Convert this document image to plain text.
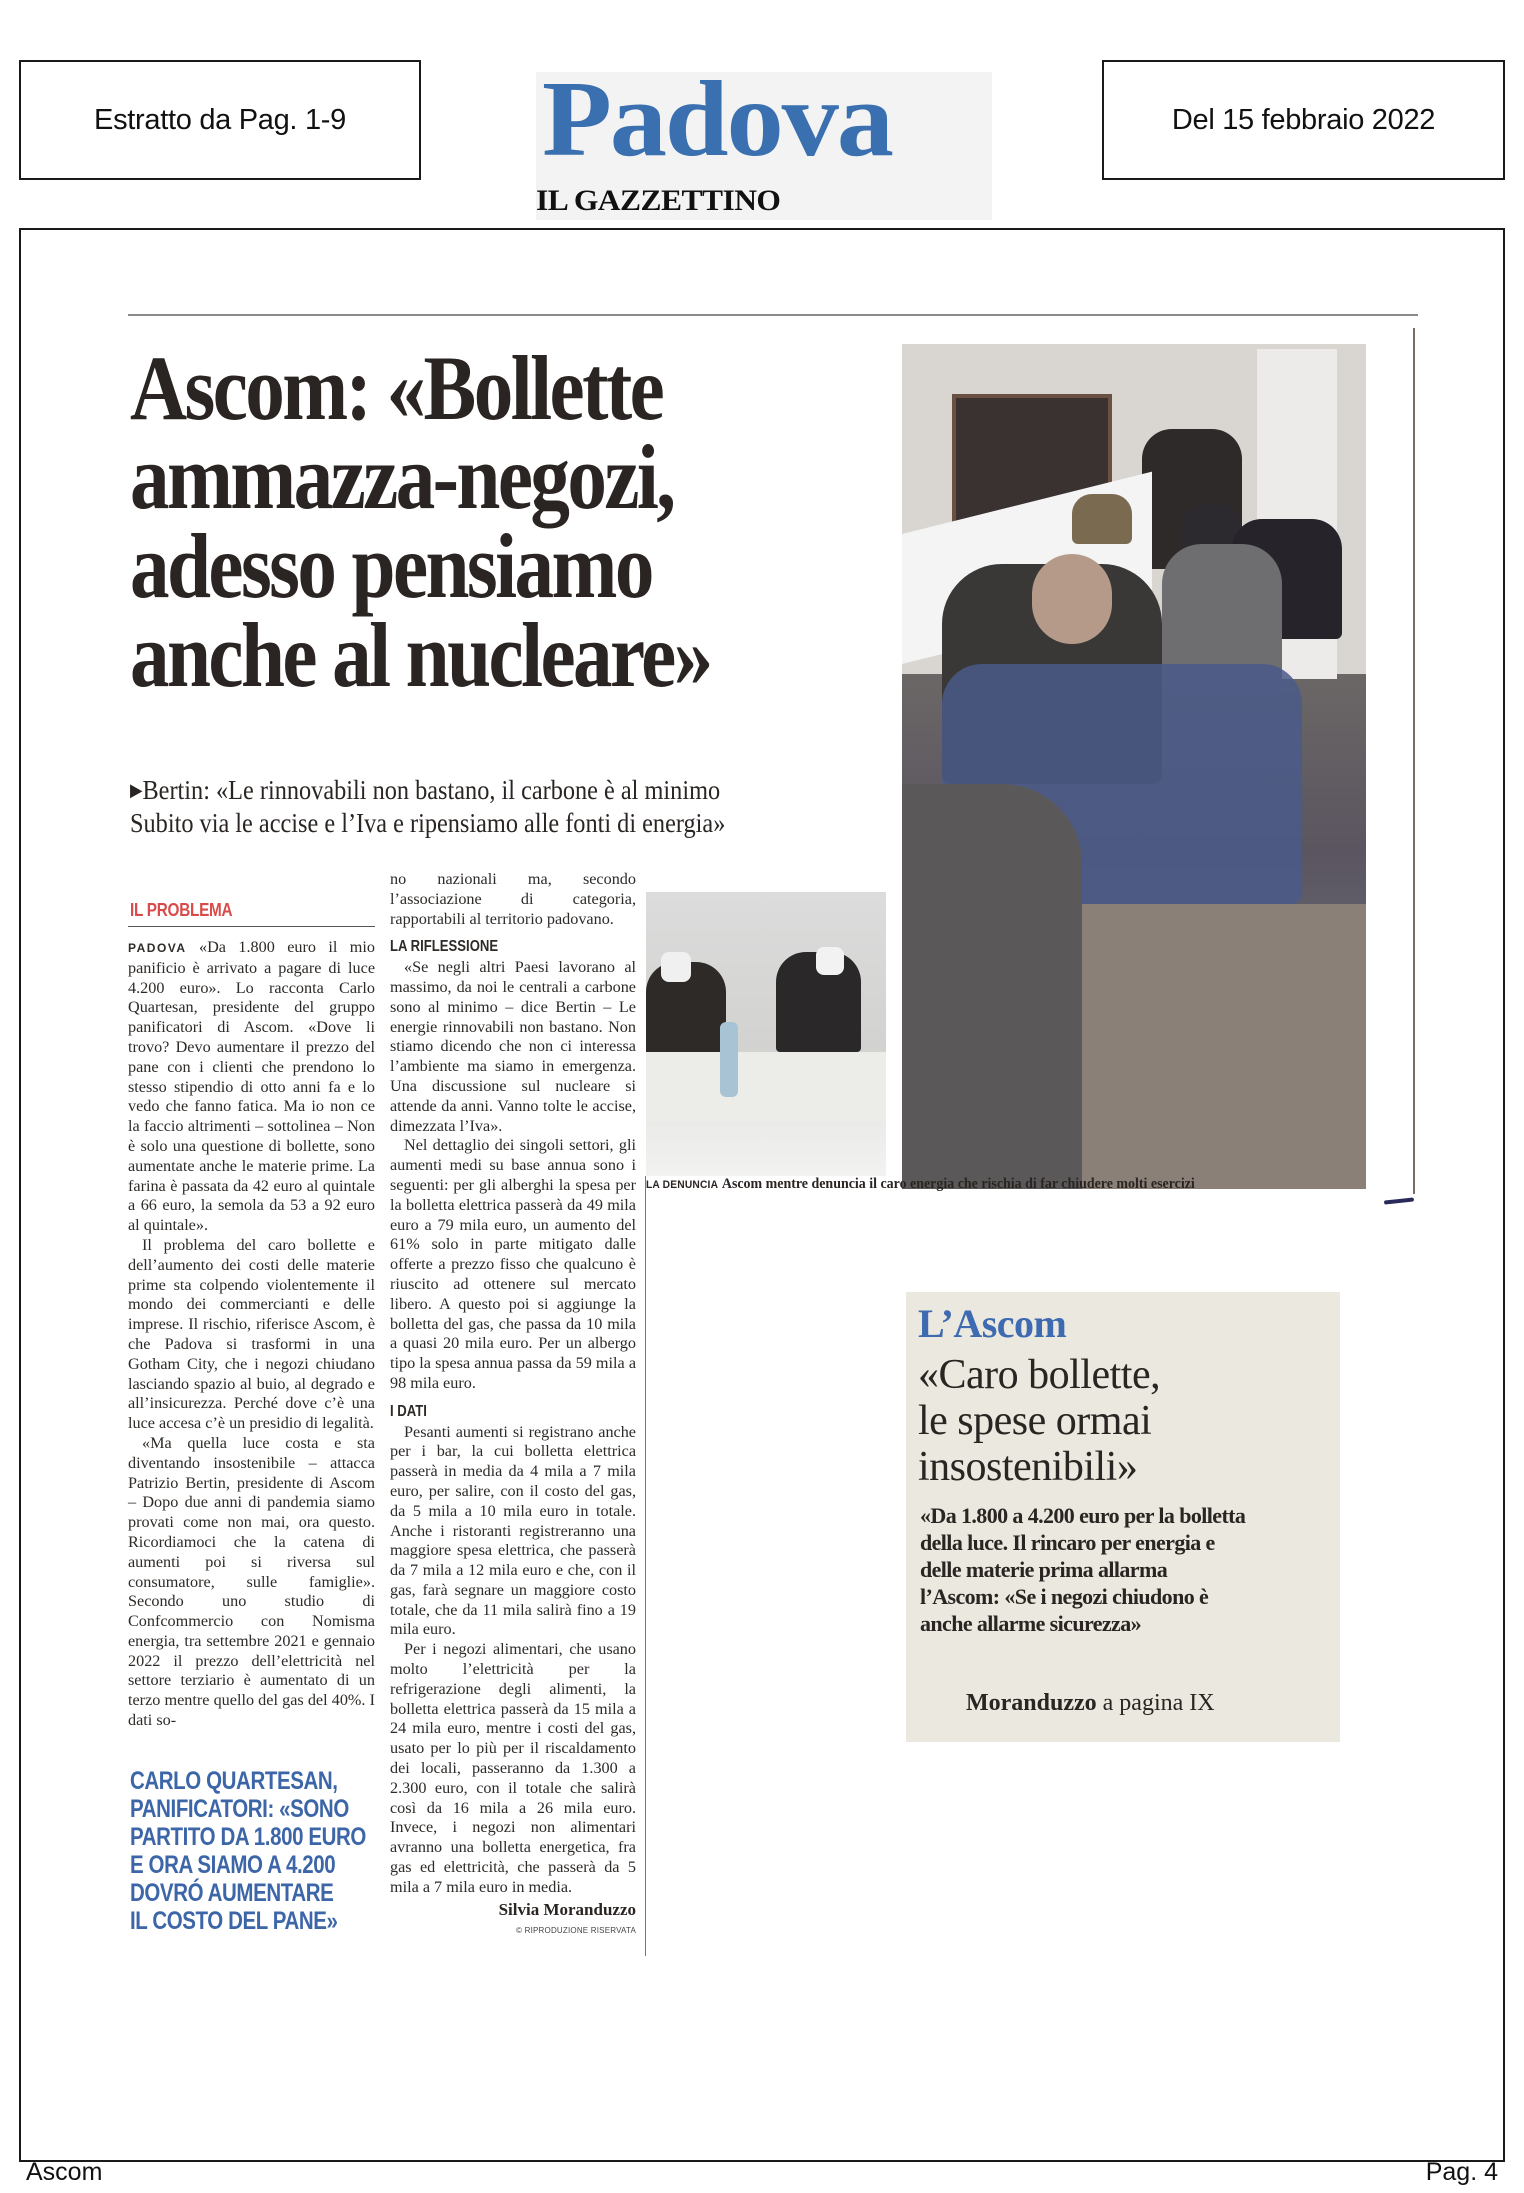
Estratto da Pag. 1-9 Padova
IL GAZZETTINO
Del 15 febbraio 2022
Ascom: «Bollette
ammazza-negozi,
adesso pensiamo
anche al nucleare»
▶Bertin: «Le rinnovabili non bastano, il carbone è al minimo
Subito via le accise e l’Iva e ripensiamo alle fonti di energia»
IL PROBLEMA

PADOVA «Da 1.800 euro il mio panificio è arrivato a pagare di luce 4.200 euro». Lo racconta Carlo Quartesan, presidente del gruppo panificatori di Ascom. «Dove li trovo? Devo aumentare il prezzo del pane con i clienti che prendono lo stesso stipendio di otto anni fa e lo vedo che fanno fatica. Ma io non ce la faccio altrimenti – sottolinea – Non è solo una questione di bollette, sono aumentate anche le materie prime. La farina è passata da 42 euro al quintale a 66 euro, la semola da 53 a 92 euro al quintale».

Il problema del caro bollette e dell’aumento dei costi delle materie prime sta colpendo violentemente il mondo dei commercianti e delle imprese. Il rischio, riferisce Ascom, è che Padova si trasformi in una Gotham City, che i negozi chiudano lasciando spazio al buio, al degrado e all’insicurezza. Perché dove c’è una luce accesa c’è un presidio di legalità.

«Ma quella luce costa e sta diventando insostenibile – attacca Patrizio Bertin, presidente di Ascom – Dopo due anni di pandemia siamo provati come non mai, ora questo. Ricordiamoci che la catena di aumenti poi si riversa sul consumatore, sulle famiglie». Secondo uno studio di Confcommercio con Nomisma energia, tra settembre 2021 e gennaio 2022 il prezzo dell’elettricità nel settore terziario è aumentato di un terzo mentre quello del gas del 40%. I dati so-

CARLO QUARTESAN,
PANIFICATORI: «SONO
PARTITO DA 1.800 EURO
E ORA SIAMO A 4.200
DOVRÓ AUMENTARE
IL COSTO DEL PANE»

no nazionali ma, secondo l’associazione di categoria, rapportabili al territorio padovano.

LA RIFLESSIONE

«Se negli altri Paesi lavorano al massimo, da noi le centrali a carbone sono al minimo – dice Bertin – Le energie rinnovabili non bastano. Non stiamo dicendo che non ci interessa l’ambiente ma siamo in emergenza. Una discussione sul nucleare si attende da anni. Vanno tolte le accise, dimezzata l’Iva».

Nel dettaglio dei singoli settori, gli aumenti medi su base annua sono i seguenti: per gli alberghi la spesa per la bolletta elettrica passerà da 49 mila euro a 79 mila euro, un aumento del 61% solo in parte mitigato dalle offerte a prezzo fisso che qualcuno è riuscito ad ottenere sul mercato libero. A questo poi si aggiunge la bolletta del gas, che passa da 10 mila a quasi 20 mila euro. Per un albergo tipo la spesa annua passa da 59 mila a 98 mila euro.

I DATI

Pesanti aumenti si registrano anche per i bar, la cui bolletta elettrica passerà in media da 4 mila a 7 mila euro, per salire, con il costo del gas, da 5 mila a 10 mila euro in totale. Anche i ristoranti registreranno una maggiore spesa elettrica, che passerà da 7 mila a 12 mila euro e che, con il gas, farà segnare un maggiore costo totale, che da 11 mila salirà fino a 19 mila euro.

Per i negozi alimentari, che usano molto l’elettricità per la refrigerazione degli alimenti, la bolletta elettrica passerà da 15 mila a 24 mila euro, mentre i costi del gas, usato per lo più per il riscaldamento dei locali, passeranno da 1.300 a 2.300 euro, con il totale che salirà così da 16 mila a 26 mila euro. Invece, i negozi non alimentari avranno una bolletta energetica, fra gas ed elettricità, che passerà da 5 mila a 7 mila euro in media.

Silvia Moranduzzo
© RIPRODUZIONE RISERVATA
LA DENUNCIA Ascom mentre denuncia il caro energia che rischia di far chiudere molti esercizi
L’Ascom
«Caro bollette,
le spese ormai
insostenibili»
«Da 1.800 a 4.200 euro per la bolletta della luce. Il rincaro per energia e delle materie prima allarma l’Ascom: «Se i negozi chiudono è anche allarme sicurezza»
Moranduzzo a pagina IX
Ascom	Pag. 4
